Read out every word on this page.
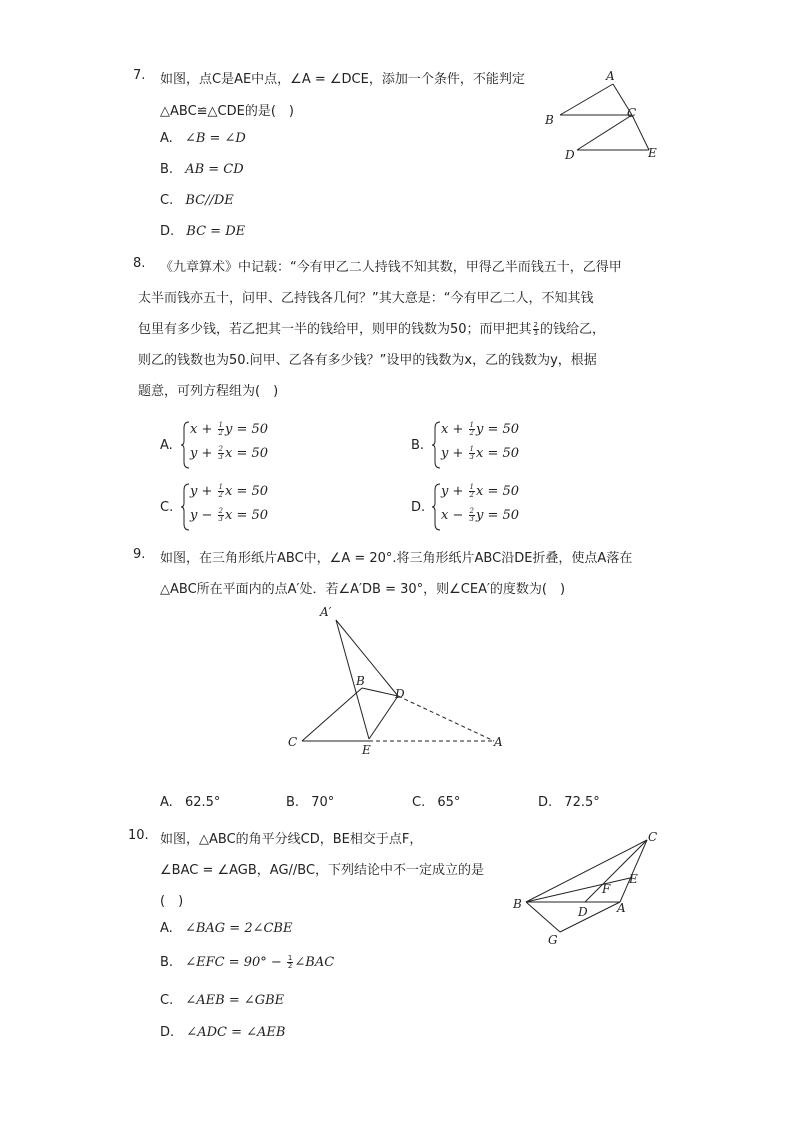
7. 如图，点C是AE中点，∠A = ∠DCE，添加一个条件，不能判定
△ABC≌△CDE的是(　)
A. ∠B = ∠D
B. AB = CD
C. BC//DE
D. BC = DE
A
B	C
D	E
8. 《九章算术》中记载：“今有甲乙二人持钱不知其数，甲得乙半而钱五十，乙得甲
太半而钱亦五十，问甲、乙持钱各几何？”其大意是：“今有甲乙二人，不知其钱
包里有多少钱，若乙把其一半的钱给甲，则甲的钱数为50；而甲把其 $\frac{2}{3}$ 的钱给乙，
则乙的钱数也为50.问甲、乙各有多少钱？”设甲的钱数为x，乙的钱数为y，根据
题意，可列方程组为(　)
A.
$x + \frac{1}{2}$ y = 50
$y + \frac{2}{3}$ x = 50
B.
$x + \frac{1}{2}$ y = 50
$y + \frac{1}{3}$ x = 50
C.
$y + \frac{1}{2}$ x = 50
$y - \frac{2}{3}$ x = 50
D.
$y + \frac{1}{2}$ x = 50
$x - \frac{2}{3}$ y = 50
9. 如图，在三角形纸片ABC中，∠A = 20°.将三角形纸片ABC沿DE折叠，使点A落在
△ABC所在平面内的点A′处．若∠A′DB = 30°，则∠CEA′的度数为(　)
A′
B
D
C
E
A
A. 62.5°	B. 70°	C. 65°	D. 72.5°
10. 如图，△ABC的角平分线CD，BE相交于点F，
∠BAC = ∠AGB，AG//BC，下列结论中不一定成立的是
(　)
A. ∠BAG = 2∠CBE
B. ∠EFC = $90^\circ - \frac{1}{2}$ ∠BAC
C. ∠AEB = ∠GBE
D. ∠ADC = ∠AEB
C
E
F
B
D A
G
